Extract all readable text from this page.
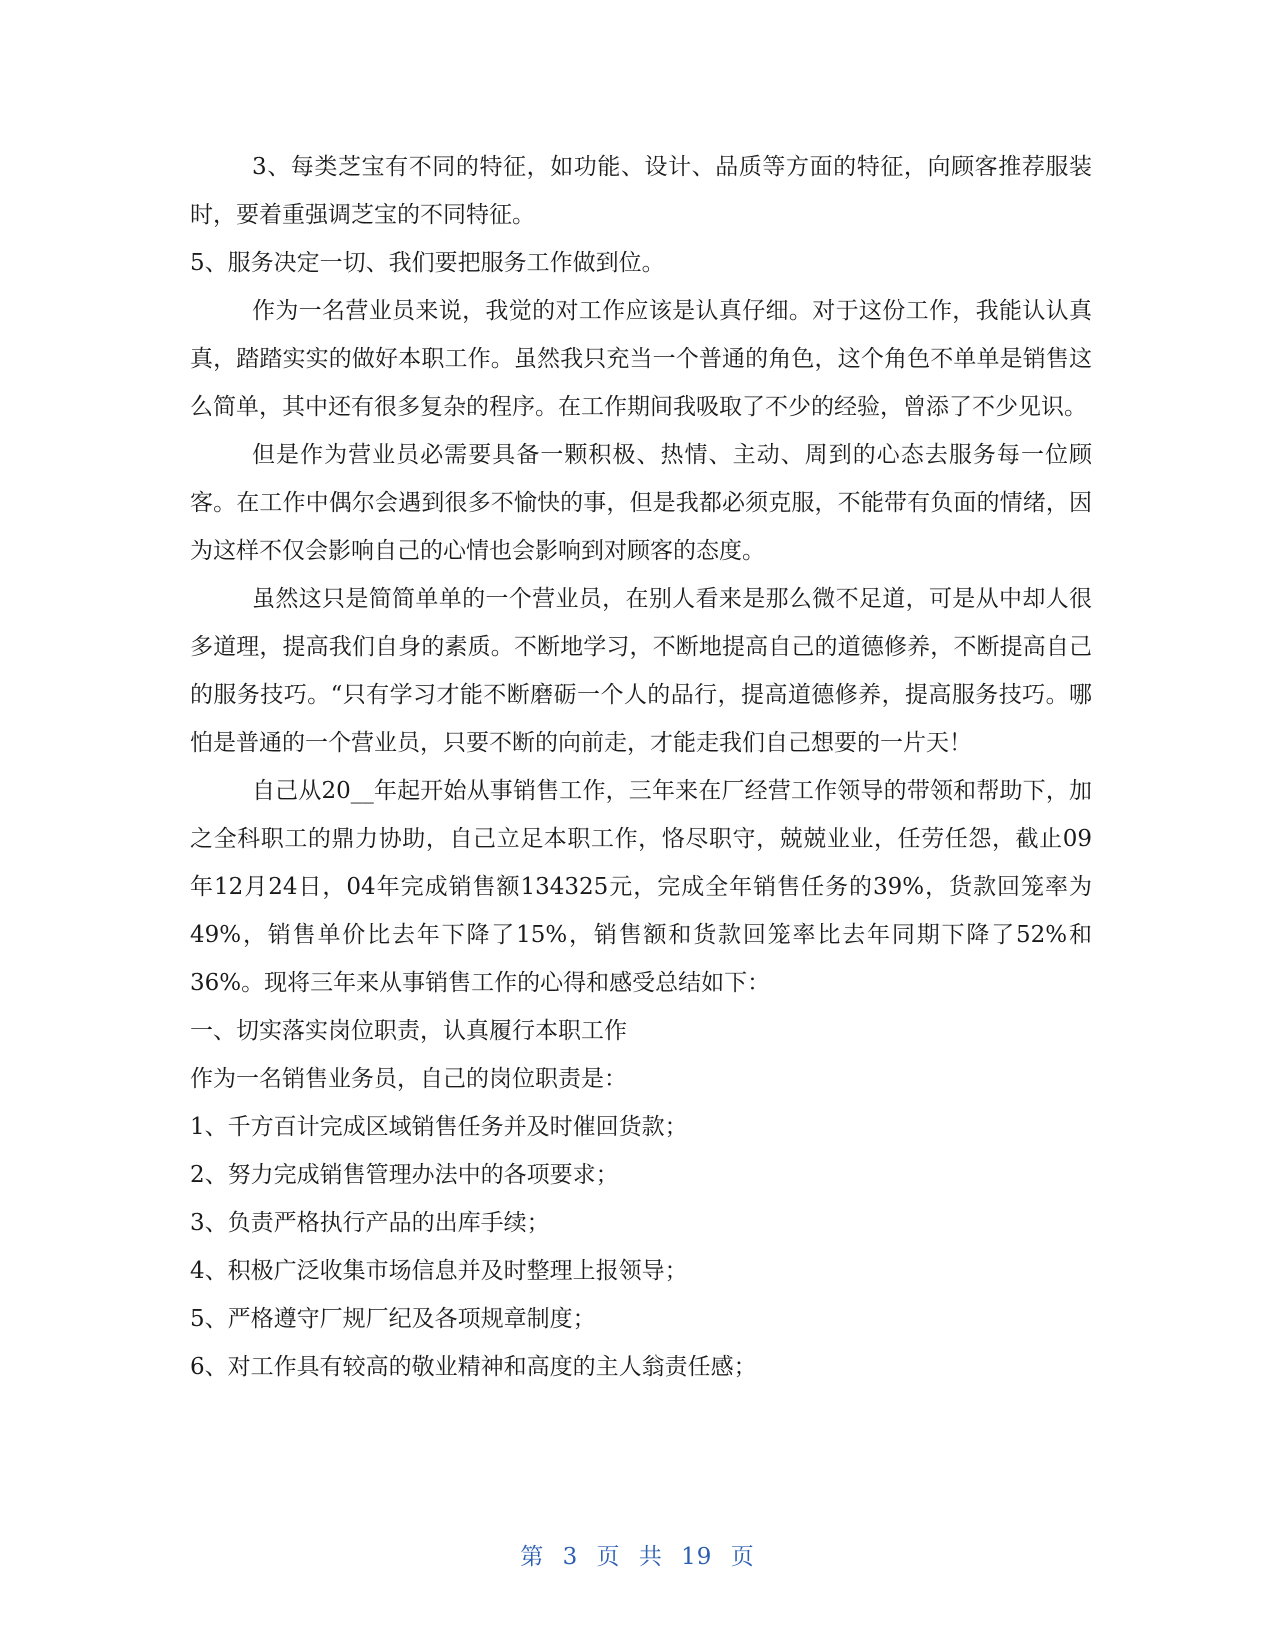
3、每类芝宝有不同的特征，如功能、设计、品质等方面的特征，向顾客推荐服装时，要着重强调芝宝的不同特征。

5、服务决定一切、我们要把服务工作做到位。

作为一名营业员来说，我觉的对工作应该是认真仔细。对于这份工作，我能认认真真，踏踏实实的做好本职工作。虽然我只充当一个普通的角色，这个角色不单单是销售这么简单，其中还有很多复杂的程序。在工作期间我吸取了不少的经验，曾添了不少见识。

但是作为营业员必需要具备一颗积极、热情、主动、周到的心态去服务每一位顾客。在工作中偶尔会遇到很多不愉快的事，但是我都必须克服，不能带有负面的情绪，因为这样不仅会影响自己的心情也会影响到对顾客的态度。

虽然这只是简简单单的一个营业员，在别人看来是那么微不足道，可是从中却人很多道理，提高我们自身的素质。不断地学习，不断地提高自己的道德修养，不断提高自己的服务技巧。“只有学习才能不断磨砺一个人的品行，提高道德修养，提高服务技巧。哪怕是普通的一个营业员，只要不断的向前走，才能走我们自己想要的一片天！

自己从20__年起开始从事销售工作，三年来在厂经营工作领导的带领和帮助下，加之全科职工的鼎力协助，自己立足本职工作，恪尽职守，兢兢业业，任劳任怨，截止09年12月24日，04年完成销售额134325元，完成全年销售任务的39%，货款回笼率为49%，销售单价比去年下降了15%，销售额和货款回笼率比去年同期下降了52%和36%。现将三年来从事销售工作的心得和感受总结如下：

一、切实落实岗位职责，认真履行本职工作

作为一名销售业务员，自己的岗位职责是：

1、千方百计完成区域销售任务并及时催回货款；

2、努力完成销售管理办法中的各项要求；

3、负责严格执行产品的出库手续；

4、积极广泛收集市场信息并及时整理上报领导；

5、严格遵守厂规厂纪及各项规章制度；

6、对工作具有较高的敬业精神和高度的主人翁责任感；

第 3 页 共 19 页
